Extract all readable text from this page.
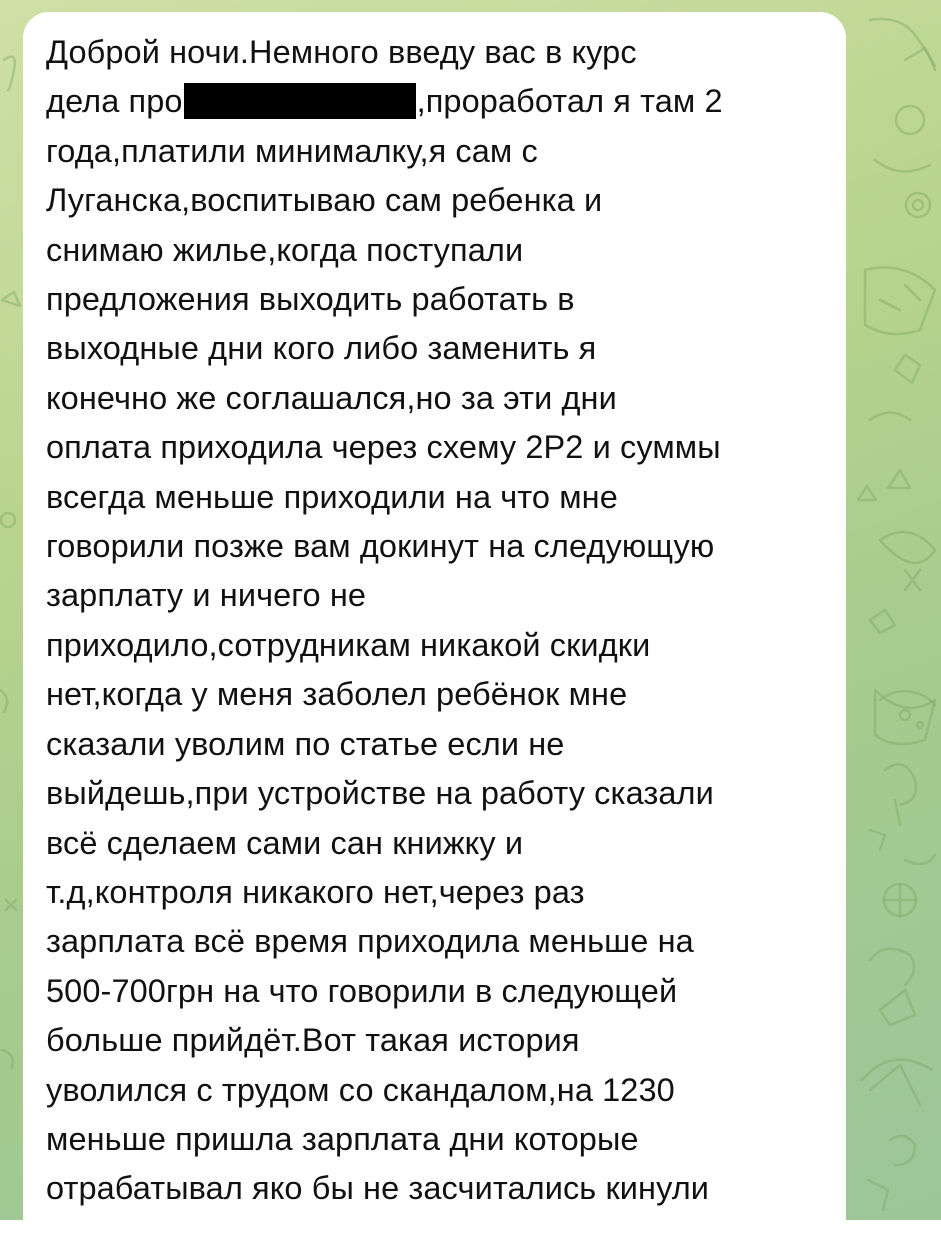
Доброй ночи.Немного введу вас в курс
дела про	,проработал я там 2
года,платили минималку,я сам с
Луганска,воспитываю сам ребенка и
снимаю жилье,когда поступали
предложения выходить работать в
выходные дни кого либо заменить я
конечно же соглашался,но за эти дни
оплата приходила через схему 2Р2 и суммы
всегда меньше приходили на что мне
говорили позже вам докинут на следующую
зарплату и ничего не
приходило,сотрудникам никакой скидки
нет,когда у меня заболел ребёнок мне
сказали уволим по статье если не
выйдешь,при устройстве на работу сказали
всё сделаем сами сан книжку и
т.д,контроля никакого нет,через раз
зарплата всё время приходила меньше на
500-700грн на что говорили в следующей
больше прийдёт.Вот такая история
уволился с трудом со скандалом,на 1230
меньше пришла зарплата дни которые
отрабатывал яко бы не засчитались кинули
